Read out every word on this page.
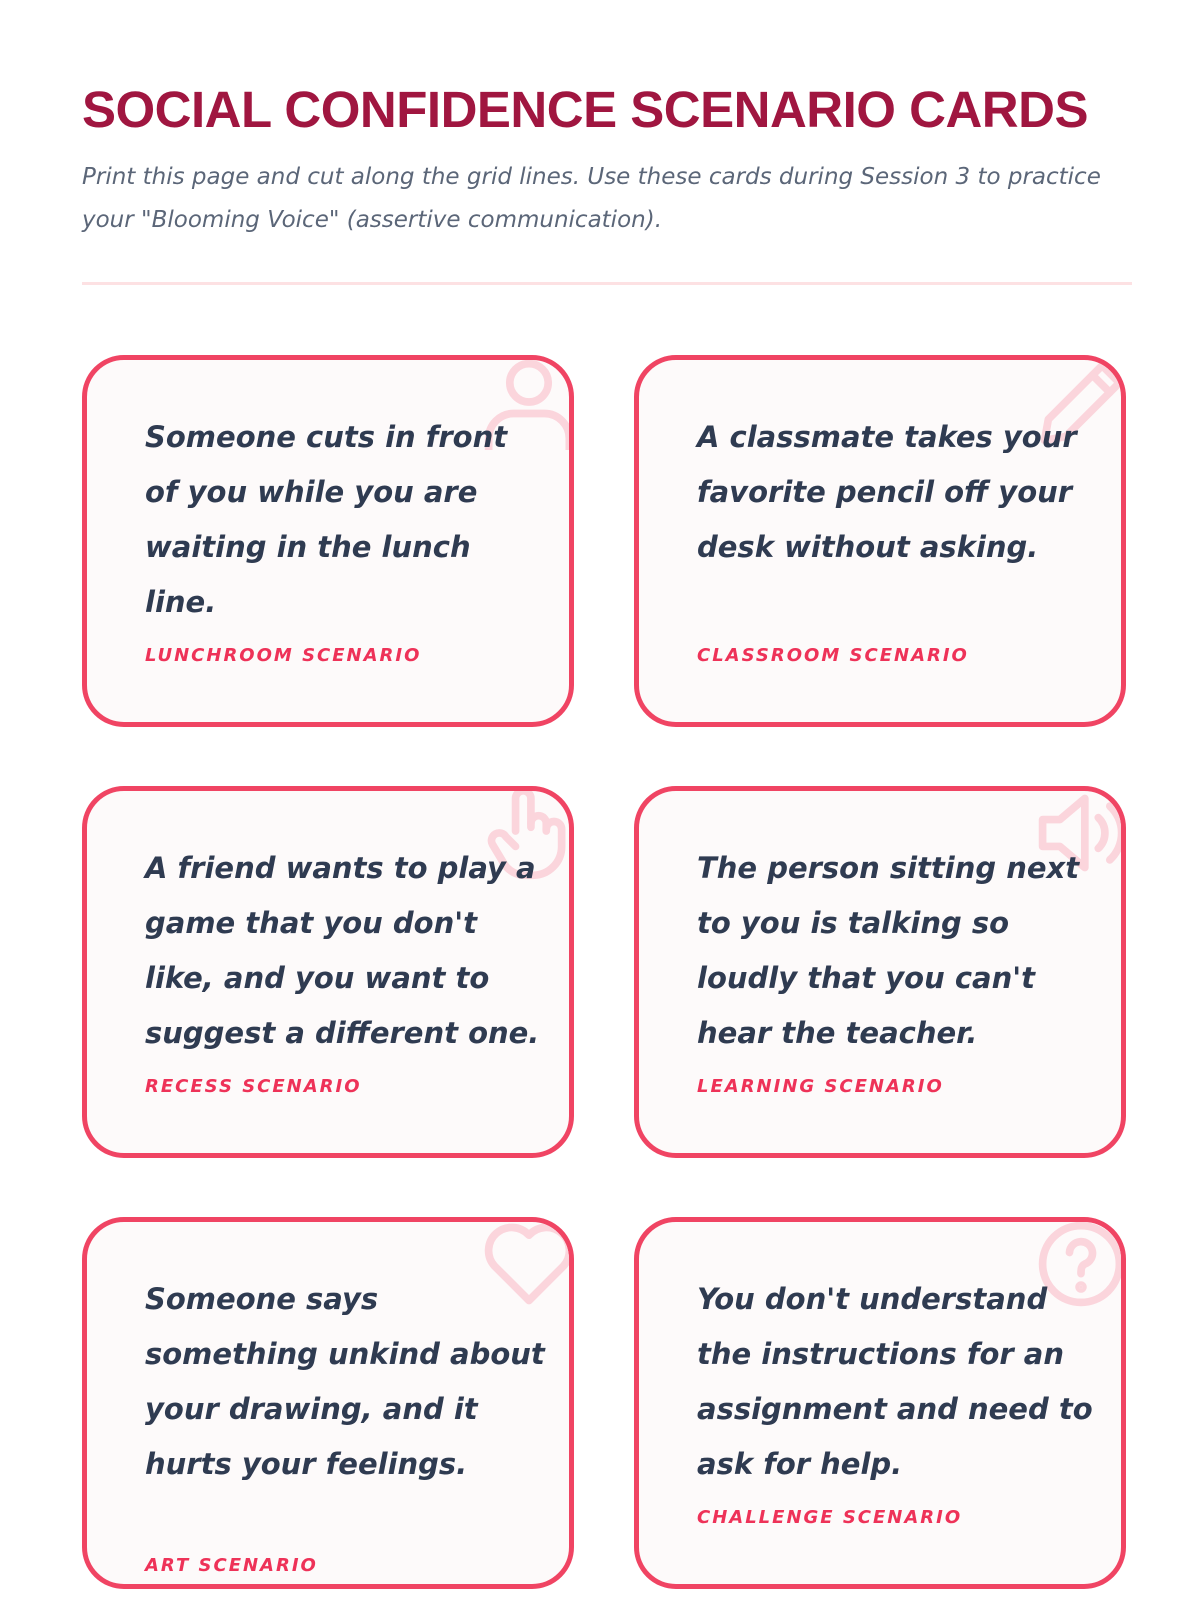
SOCIAL CONFIDENCE SCENARIO CARDS

Print this page and cut along the grid lines. Use these cards during Session 3 to practice your "Blooming Voice" (assertive communication).

Someone cuts in front of you while you are waiting in the lunch line.

LUNCHROOM SCENARIO

A classmate takes your favorite pencil off your desk without asking.

CLASSROOM SCENARIO

A friend wants to play a game that you don't like, and you want to suggest a different one.

RECESS SCENARIO

The person sitting next to you is talking so loudly that you can't hear the teacher.

LEARNING SCENARIO

Someone says something unkind about your drawing, and it hurts your feelings.

ART SCENARIO

You don't understand the instructions for an assignment and need to ask for help.

CHALLENGE SCENARIO
